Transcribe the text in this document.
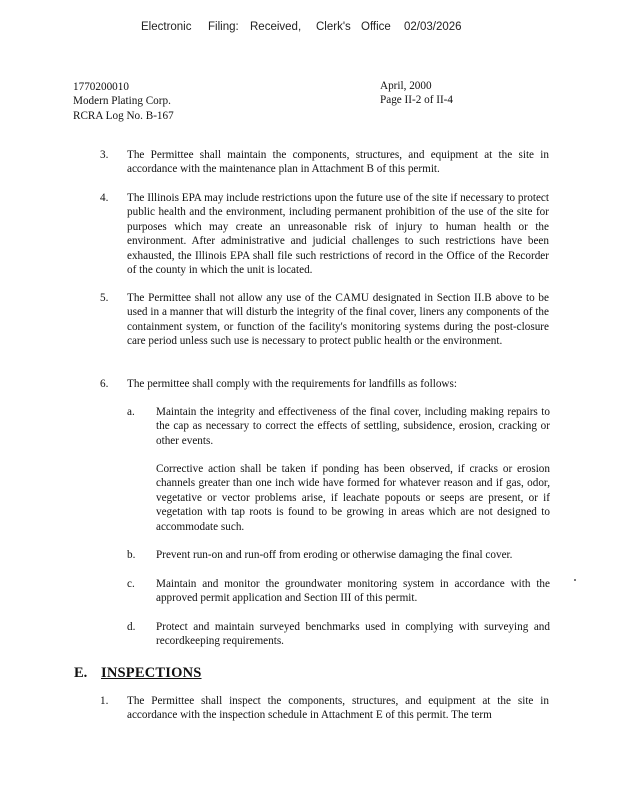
Electronic Filing: Received, Clerk's Office 02/03/2026
1770200010
Modern Plating Corp.
RCRA Log No. B-167
April, 2000
Page II-2 of II-4
3.	The Permittee shall maintain the components, structures, and equipment at the site in accordance with the maintenance plan in Attachment B of this permit.
4.	The Illinois EPA may include restrictions upon the future use of the site if necessary to protect public health and the environment, including permanent prohibition of the use of the site for purposes which may create an unreasonable risk of injury to human health or the environment. After administrative and judicial challenges to such restrictions have been exhausted, the Illinois EPA shall file such restrictions of record in the Office of the Recorder of the county in which the unit is located.
5.	The Permittee shall not allow any use of the CAMU designated in Section II.B above to be used in a manner that will disturb the integrity of the final cover, liners any components of the containment system, or function of the facility's monitoring systems during the post-closure care period unless such use is necessary to protect public health or the environment.
6.	The permittee shall comply with the requirements for landfills as follows:
a. Maintain the integrity and effectiveness of the final cover, including making repairs to the cap as necessary to correct the effects of settling, subsidence, erosion, cracking or other events.
Corrective action shall be taken if ponding has been observed, if cracks or erosion channels greater than one inch wide have formed for whatever reason and if gas, odor, vegetative or vector problems arise, if leachate popouts or seeps are present, or if vegetation with tap roots is found to be growing in areas which are not designed to accommodate such.
b. Prevent run-on and run-off from eroding or otherwise damaging the final cover.
c. Maintain and monitor the groundwater monitoring system in accordance with the approved permit application and Section III of this permit.
d. Protect and maintain surveyed benchmarks used in complying with surveying and recordkeeping requirements.
E. INSPECTIONS
1.	The Permittee shall inspect the components, structures, and equipment at the site in accordance with the inspection schedule in Attachment E of this permit. The term
